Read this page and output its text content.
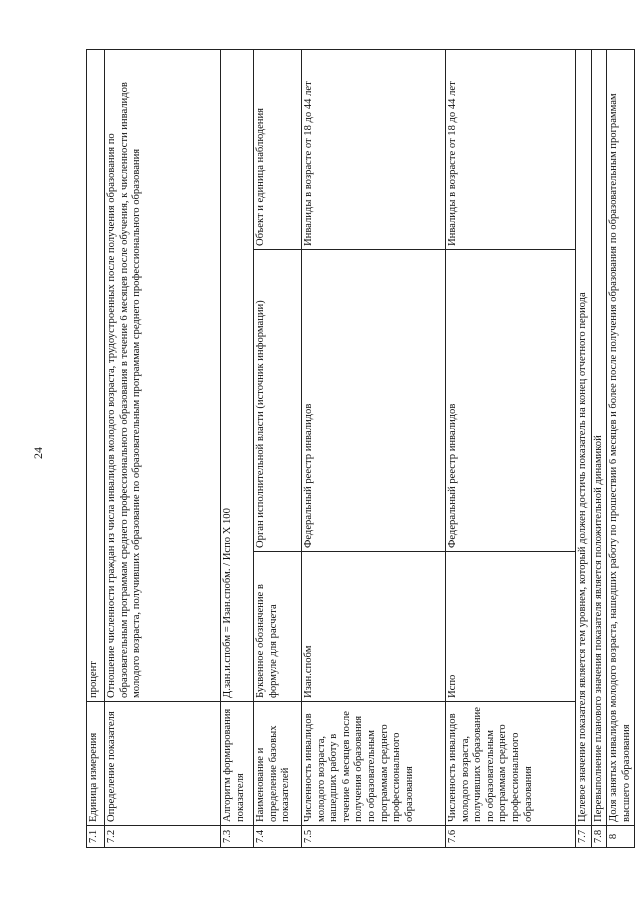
24
7.1	Единица измерения	процент		
7.2	Определение показателя	Отношение численности граждан из числа инвалидов молодого возраста, трудоустроенных после получения образования по образовательным программам среднего профессионального образования в течение 6 месяцев после обучения, к численности инвалидов молодого возраста, получивших образование по образовательным программам среднего профессионального образования		
7.3	Алгоритм формирования показателя	Д.зан.и.спобм = Изан.спобм. / Испо Х 100		
7.4	Наименование и определение базовых показателей	Буквенное обозначение в формуле для расчета	Орган исполнительной власти (источник информации)	Объект и единица наблюдения
7.5	Численность инвалидов молодого возраста, нашедших работу в течение 6 месяцев после получения образования по образовательным программам среднего профессионального образования	Изан.спобм	Федеральный реестр инвалидов	Инвалиды в возрасте от 18 до 44 лет
7.6	Численность инвалидов молодого возраста, получивших образование по образовательным программам среднего профессионального образования	Испо	Федеральный реестр инвалидов	Инвалиды в возрасте от 18 до 44 лет
7.7	Целевое значение показателя является тем уровнем, который должен достичь показатель на конец отчетного периода			
7.8	Перевыполнение планового значения показателя является положительной динамикой			
8	Доля занятых инвалидов молодого возраста, нашедших работу по прошествии 6 месяцев и более после получения образования по образовательным программам высшего образования			
